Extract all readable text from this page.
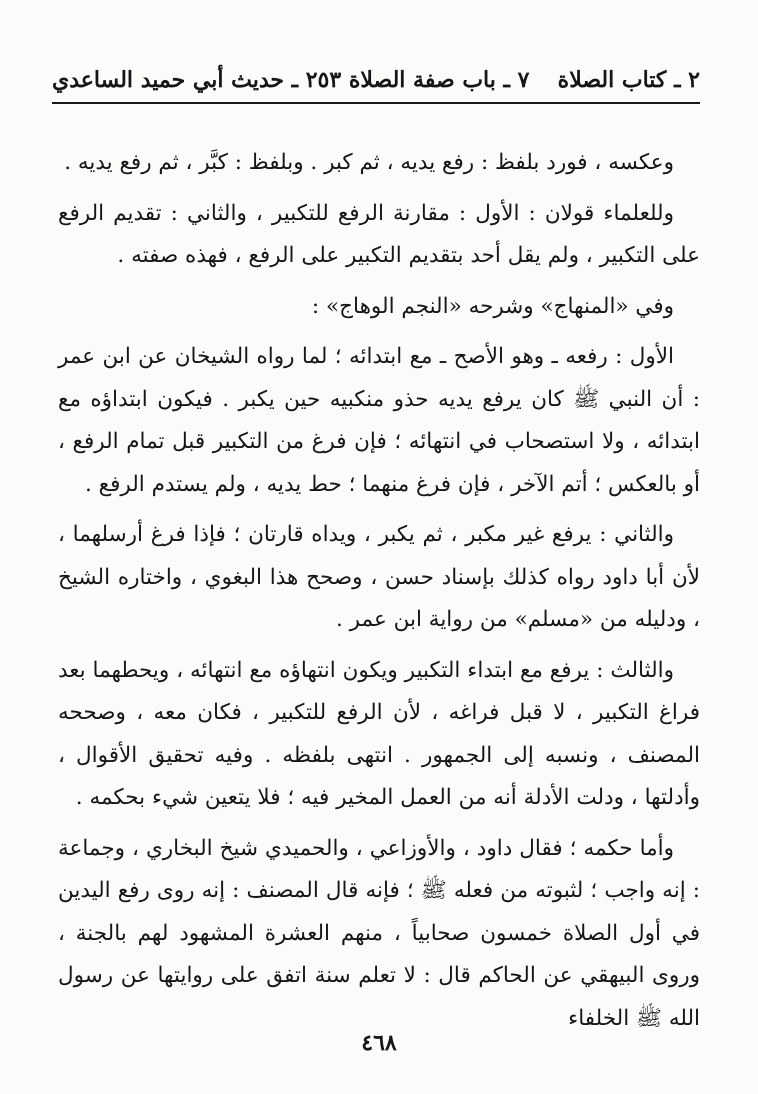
٢ ـ كتاب الصلاة
٧ ـ باب صفة الصلاة ٢٥٣ ـ حديث أبي حميد الساعدي

وعكسه ، فورد بلفظ : رفع يديه ، ثم كبر . وبلفظ : كبَّر ، ثم رفع يديه .

وللعلماء قولان : الأول : مقارنة الرفع للتكبير ، والثاني : تقديم الرفع على التكبير ، ولم يقل أحد بتقديم التكبير على الرفع ، فهذه صفته .

وفي «المنهاج» وشرحه «النجم الوهاج» :

الأول : رفعه ـ وهو الأصح ـ مع ابتدائه ؛ لما رواه الشيخان عن ابن عمر : أن النبي ﷺ كان يرفع يديه حذو منكبيه حين يكبر . فيكون ابتداؤه مع ابتدائه ، ولا استصحاب في انتهائه ؛ فإن فرغ من التكبير قبل تمام الرفع ، أو بالعكس ؛ أتم الآخر ، فإن فرغ منهما ؛ حط يديه ، ولم يستدم الرفع .

والثاني : يرفع غير مكبر ، ثم يكبر ، ويداه قارتان ؛ فإذا فرغ أرسلهما ، لأن أبا داود رواه كذلك بإسناد حسن ، وصحح هذا البغوي ، واختاره الشيخ ، ودليله من «مسلم» من رواية ابن عمر .

والثالث : يرفع مع ابتداء التكبير ويكون انتهاؤه مع انتهائه ، ويحطهما بعد فراغ التكبير ، لا قبل فراغه ، لأن الرفع للتكبير ، فكان معه ، وصححه المصنف ، ونسبه إلى الجمهور . انتهى بلفظه . وفيه تحقيق الأقوال ، وأدلتها ، ودلت الأدلة أنه من العمل المخير فيه ؛ فلا يتعين شيء بحكمه .

وأما حكمه ؛ فقال داود ، والأوزاعي ، والحميدي شيخ البخاري ، وجماعة : إنه واجب ؛ لثبوته من فعله ﷺ ؛ فإنه قال المصنف : إنه روى رفع اليدين في أول الصلاة خمسون صحابياً ، منهم العشرة المشهود لهم بالجنة ، وروى البيهقي عن الحاكم قال : لا تعلم سنة اتفق على روايتها عن رسول الله ﷺ الخلفاء

٤٦٨
